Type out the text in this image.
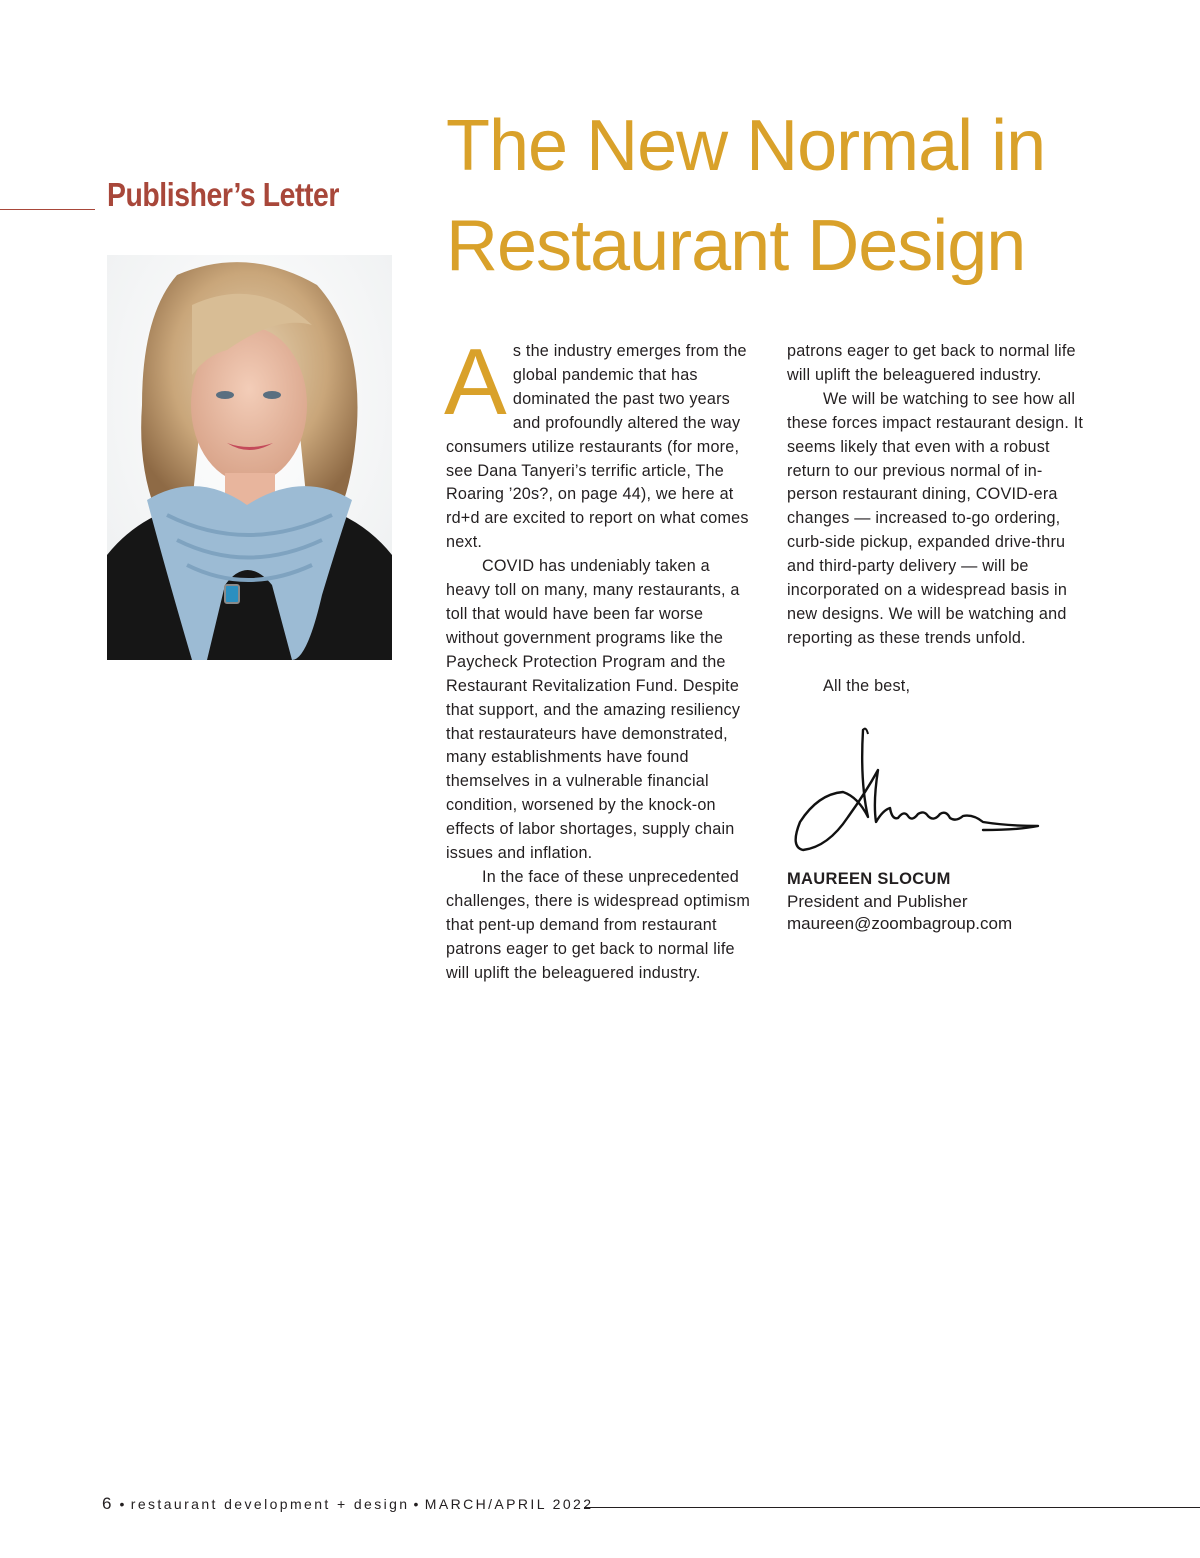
Publisher’s Letter
The New Normal in Restaurant Design

As the industry emerges from the global pandemic that has dominated the past two years and profoundly altered the way consumers utilize restaurants (for more, see Dana Tanyeri’s terrific article, The Roaring ’20s?, on page 44), we here at rd+d are excited to report on what comes next.

COVID has undeniably taken a heavy toll on many, many restaurants, a toll that would have been far worse without government programs like the Paycheck Protection Program and the Restaurant Revitalization Fund. Despite that support, and the amazing resiliency that restaurateurs have demonstrated, many establishments have found themselves in a vulnerable financial condition, worsened by the knock-on effects of labor shortages, supply chain issues and inflation.

In the face of these unprecedented challenges, there is widespread optimism that pent-up demand from restaurant patrons eager to get back to normal life will uplift the beleaguered industry.

patrons eager to get back to normal life will uplift the beleaguered industry.

We will be watching to see how all these forces impact restaurant design. It seems likely that even with a robust return to our previous normal of in-person restaurant dining, COVID-era changes — increased to-go ordering, curb-side pickup, expanded drive-thru and third-party delivery — will be incorporated on a widespread basis in new designs. We will be watching and reporting as these trends unfold.

All the best,

MAUREEN SLOCUM

President and Publisher

maureen@zoombagroup.com

6 • restaurant development + design • MARCH/APRIL 2022
